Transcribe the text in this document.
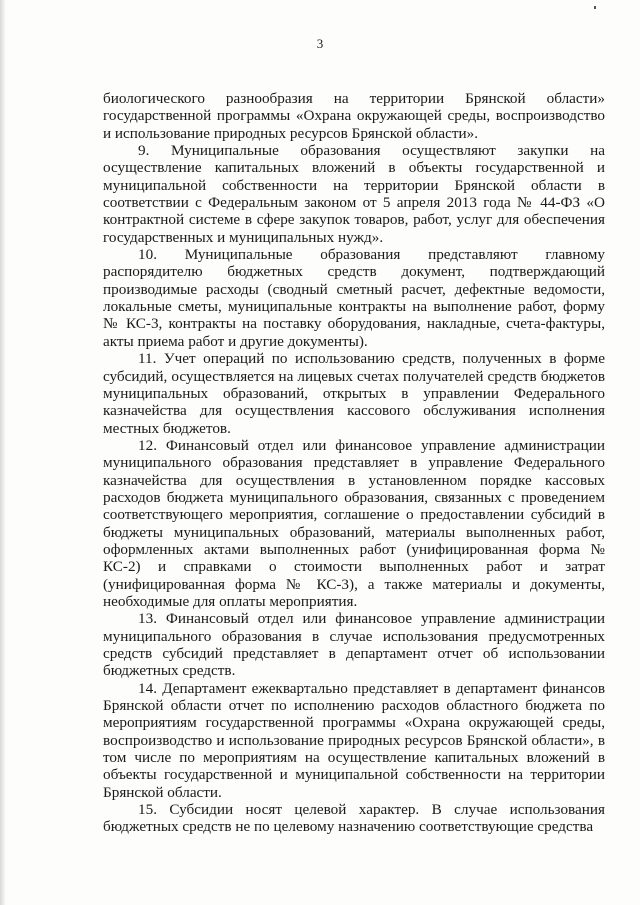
3

биологического разнообразия на территории Брянской области»
государственной программы «Охрана окружающей среды, воспроизводство и использование природных ресурсов Брянской области».

9. Муниципальные образования осуществляют закупки на осуществление капитальных вложений в объекты государственной и муниципальной собственности на территории Брянской области в соответствии с Федеральным законом от 5 апреля 2013 года № 44-ФЗ «О контрактной системе в сфере закупок товаров, работ, услуг для обеспечения государственных и муниципальных нужд».

10. Муниципальные образования представляют главному распорядителю бюджетных средств документ, подтверждающий производимые расходы (сводный сметный расчет, дефектные ведомости, локальные сметы, муниципальные контракты на выполнение работ, форму № КС-3, контракты на поставку оборудования, накладные, счета-фактуры, акты приема работ и другие документы).

11. Учет операций по использованию средств, полученных в форме субсидий, осуществляется на лицевых счетах получателей средств бюджетов муниципальных образований, открытых в управлении Федерального казначейства для осуществления кассового обслуживания исполнения местных бюджетов.

12. Финансовый отдел или финансовое управление администрации муниципального образования представляет в управление Федерального казначейства для осуществления в установленном порядке кассовых расходов бюджета муниципального образования, связанных с проведением соответствующего мероприятия, соглашение о предоставлении субсидий в бюджеты муниципальных образований, материалы выполненных работ, оформленных актами выполненных работ (унифицированная форма № КС-2) и справками о стоимости выполненных работ и затрат (унифицированная форма № КС-3), а также материалы и документы, необходимые для оплаты мероприятия.

13. Финансовый отдел или финансовое управление администрации муниципального образования в случае использования предусмотренных средств субсидий представляет в департамент отчет об использовании бюджетных средств.

14. Департамент ежеквартально представляет в департамент финансов Брянской области отчет по исполнению расходов областного бюджета по мероприятиям государственной программы «Охрана окружающей среды, воспроизводство и использование природных ресурсов Брянской области», в том числе по мероприятиям на осуществление капитальных вложений в объекты государственной и муниципальной собственности на территории Брянской области.

15. Субсидии носят целевой характер. В случае использования бюджетных средств не по целевому назначению соответствующие средства
